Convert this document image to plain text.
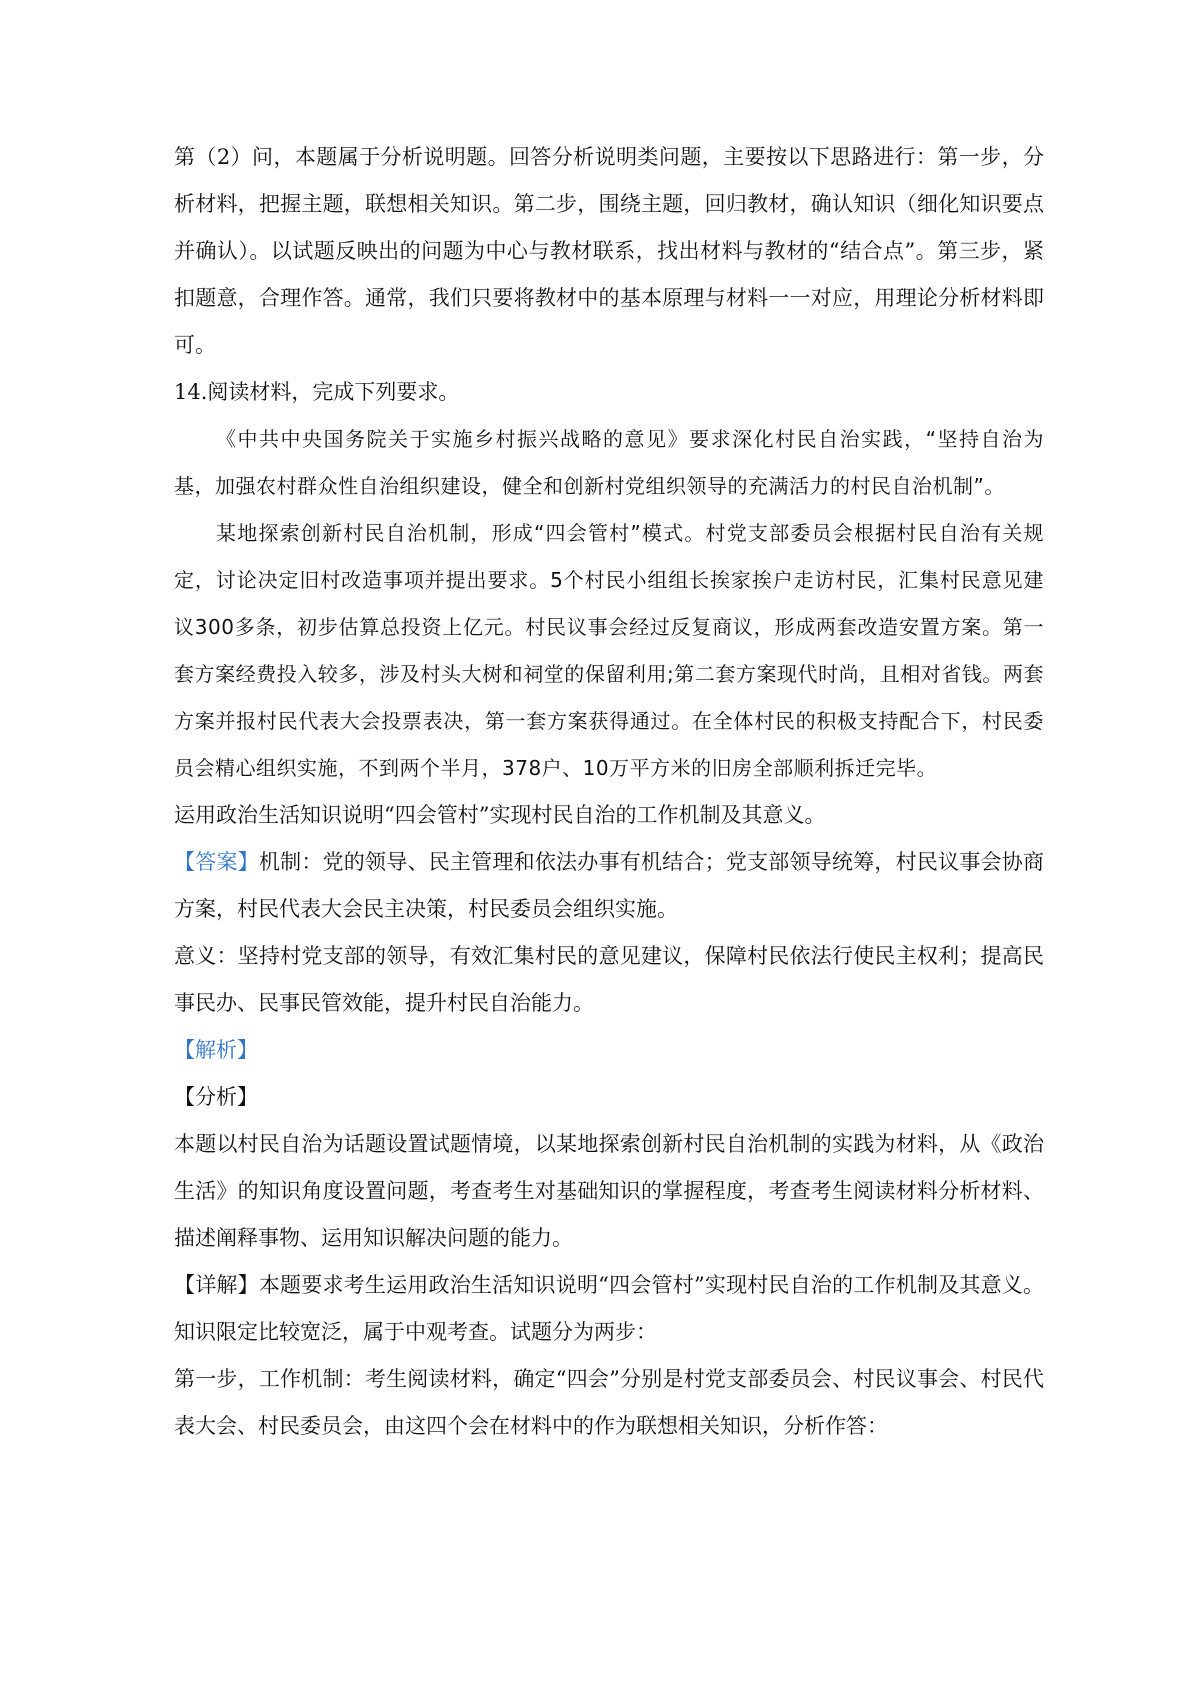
第（2）问，本题属于分析说明题。回答分析说明类问题，主要按以下思路进行：第一步，分析材料，把握主题，联想相关知识。第二步，围绕主题，回归教材，确认知识（细化知识要点并确认）。以试题反映出的问题为中心与教材联系，找出材料与教材的“结合点”。第三步，紧扣题意，合理作答。通常，我们只要将教材中的基本原理与材料一一对应，用理论分析材料即可。

14.阅读材料，完成下列要求。

《中共中央国务院关于实施乡村振兴战略的意见》要求深化村民自治实践，“坚持自治为基，加强农村群众性自治组织建设，健全和创新村党组织领导的充满活力的村民自治机制”。

某地探索创新村民自治机制，形成“四会管村”模式。村党支部委员会根据村民自治有关规定，讨论决定旧村改造事项并提出要求。5个村民小组组长挨家挨户走访村民，汇集村民意见建议300多条，初步估算总投资上亿元。村民议事会经过反复商议，形成两套改造安置方案。第一套方案经费投入较多，涉及村头大树和祠堂的保留利用;第二套方案现代时尚，且相对省钱。两套方案并报村民代表大会投票表决，第一套方案获得通过。在全体村民的积极支持配合下，村民委员会精心组织实施，不到两个半月，378户、10万平方米的旧房全部顺利拆迁完毕。

运用政治生活知识说明“四会管村”实现村民自治的工作机制及其意义。

【答案】机制：党的领导、民主管理和依法办事有机结合；党支部领导统筹，村民议事会协商方案，村民代表大会民主决策，村民委员会组织实施。

意义：坚持村党支部的领导，有效汇集村民的意见建议，保障村民依法行使民主权利；提高民事民办、民事民管效能，提升村民自治能力。

【解析】

【分析】

本题以村民自治为话题设置试题情境，以某地探索创新村民自治机制的实践为材料，从《政治生活》的知识角度设置问题，考查考生对基础知识的掌握程度，考查考生阅读材料分析材料、描述阐释事物、运用知识解决问题的能力。

【详解】本题要求考生运用政治生活知识说明“四会管村”实现村民自治的工作机制及其意义。知识限定比较宽泛，属于中观考查。试题分为两步：

第一步，工作机制：考生阅读材料，确定“四会”分别是村党支部委员会、村民议事会、村民代表大会、村民委员会，由这四个会在材料中的作为联想相关知识，分析作答：
